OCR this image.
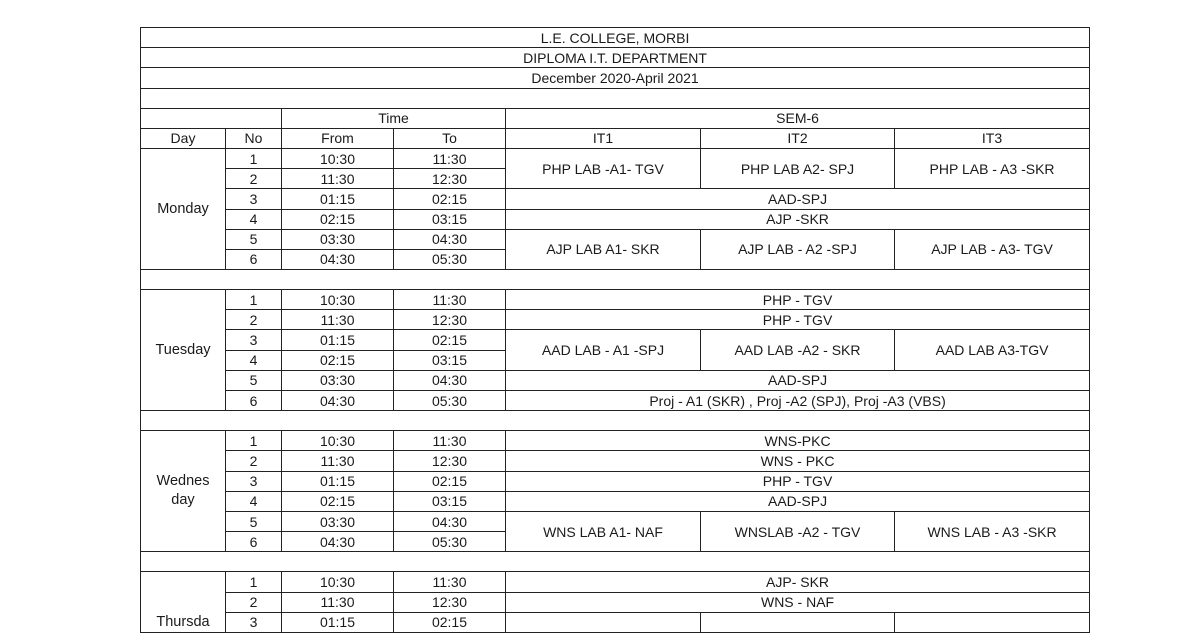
L.E. COLLEGE, MORBI						
DIPLOMA I.T. DEPARTMENT						
December 2020-April 2021						

		Time		SEM-6		
Day	No	From	To	IT1	IT2	IT3
Monday	1	10:30	11:30	PHP LAB -A1- TGV	PHP LAB A2- SPJ	PHP LAB - A3 -SKR
	2	11:30	12:30			
	3	01:15	02:15	AAD-SPJ		
	4	02:15	03:15	AJP -SKR		
	5	03:30	04:30	AJP LAB A1- SKR	AJP LAB - A2 -SPJ	AJP LAB - A3- TGV
	6	04:30	05:30			

Tuesday	1	10:30	11:30	PHP - TGV		
	2	11:30	12:30	PHP - TGV		
	3	01:15	02:15	AAD LAB - A1 -SPJ	AAD LAB -A2 - SKR	AAD LAB A3-TGV
	4	02:15	03:15			
	5	03:30	04:30	AAD-SPJ		
	6	04:30	05:30	Proj - A1 (SKR) , Proj -A2 (SPJ), Proj -A3 (VBS)		

Wednes
day	1	10:30	11:30	WNS-PKC		
	2	11:30	12:30	WNS - PKC		
	3	01:15	02:15	PHP - TGV		
	4	02:15	03:15	AAD-SPJ		
	5	03:30	04:30	WNS LAB A1- NAF	WNSLAB -A2 - TGV	WNS LAB - A3 -SKR
	6	04:30	05:30			

Thursda	1	10:30	11:30	AJP- SKR		
	2	11:30	12:30	WNS - NAF		
	3	01:15	02:15			
